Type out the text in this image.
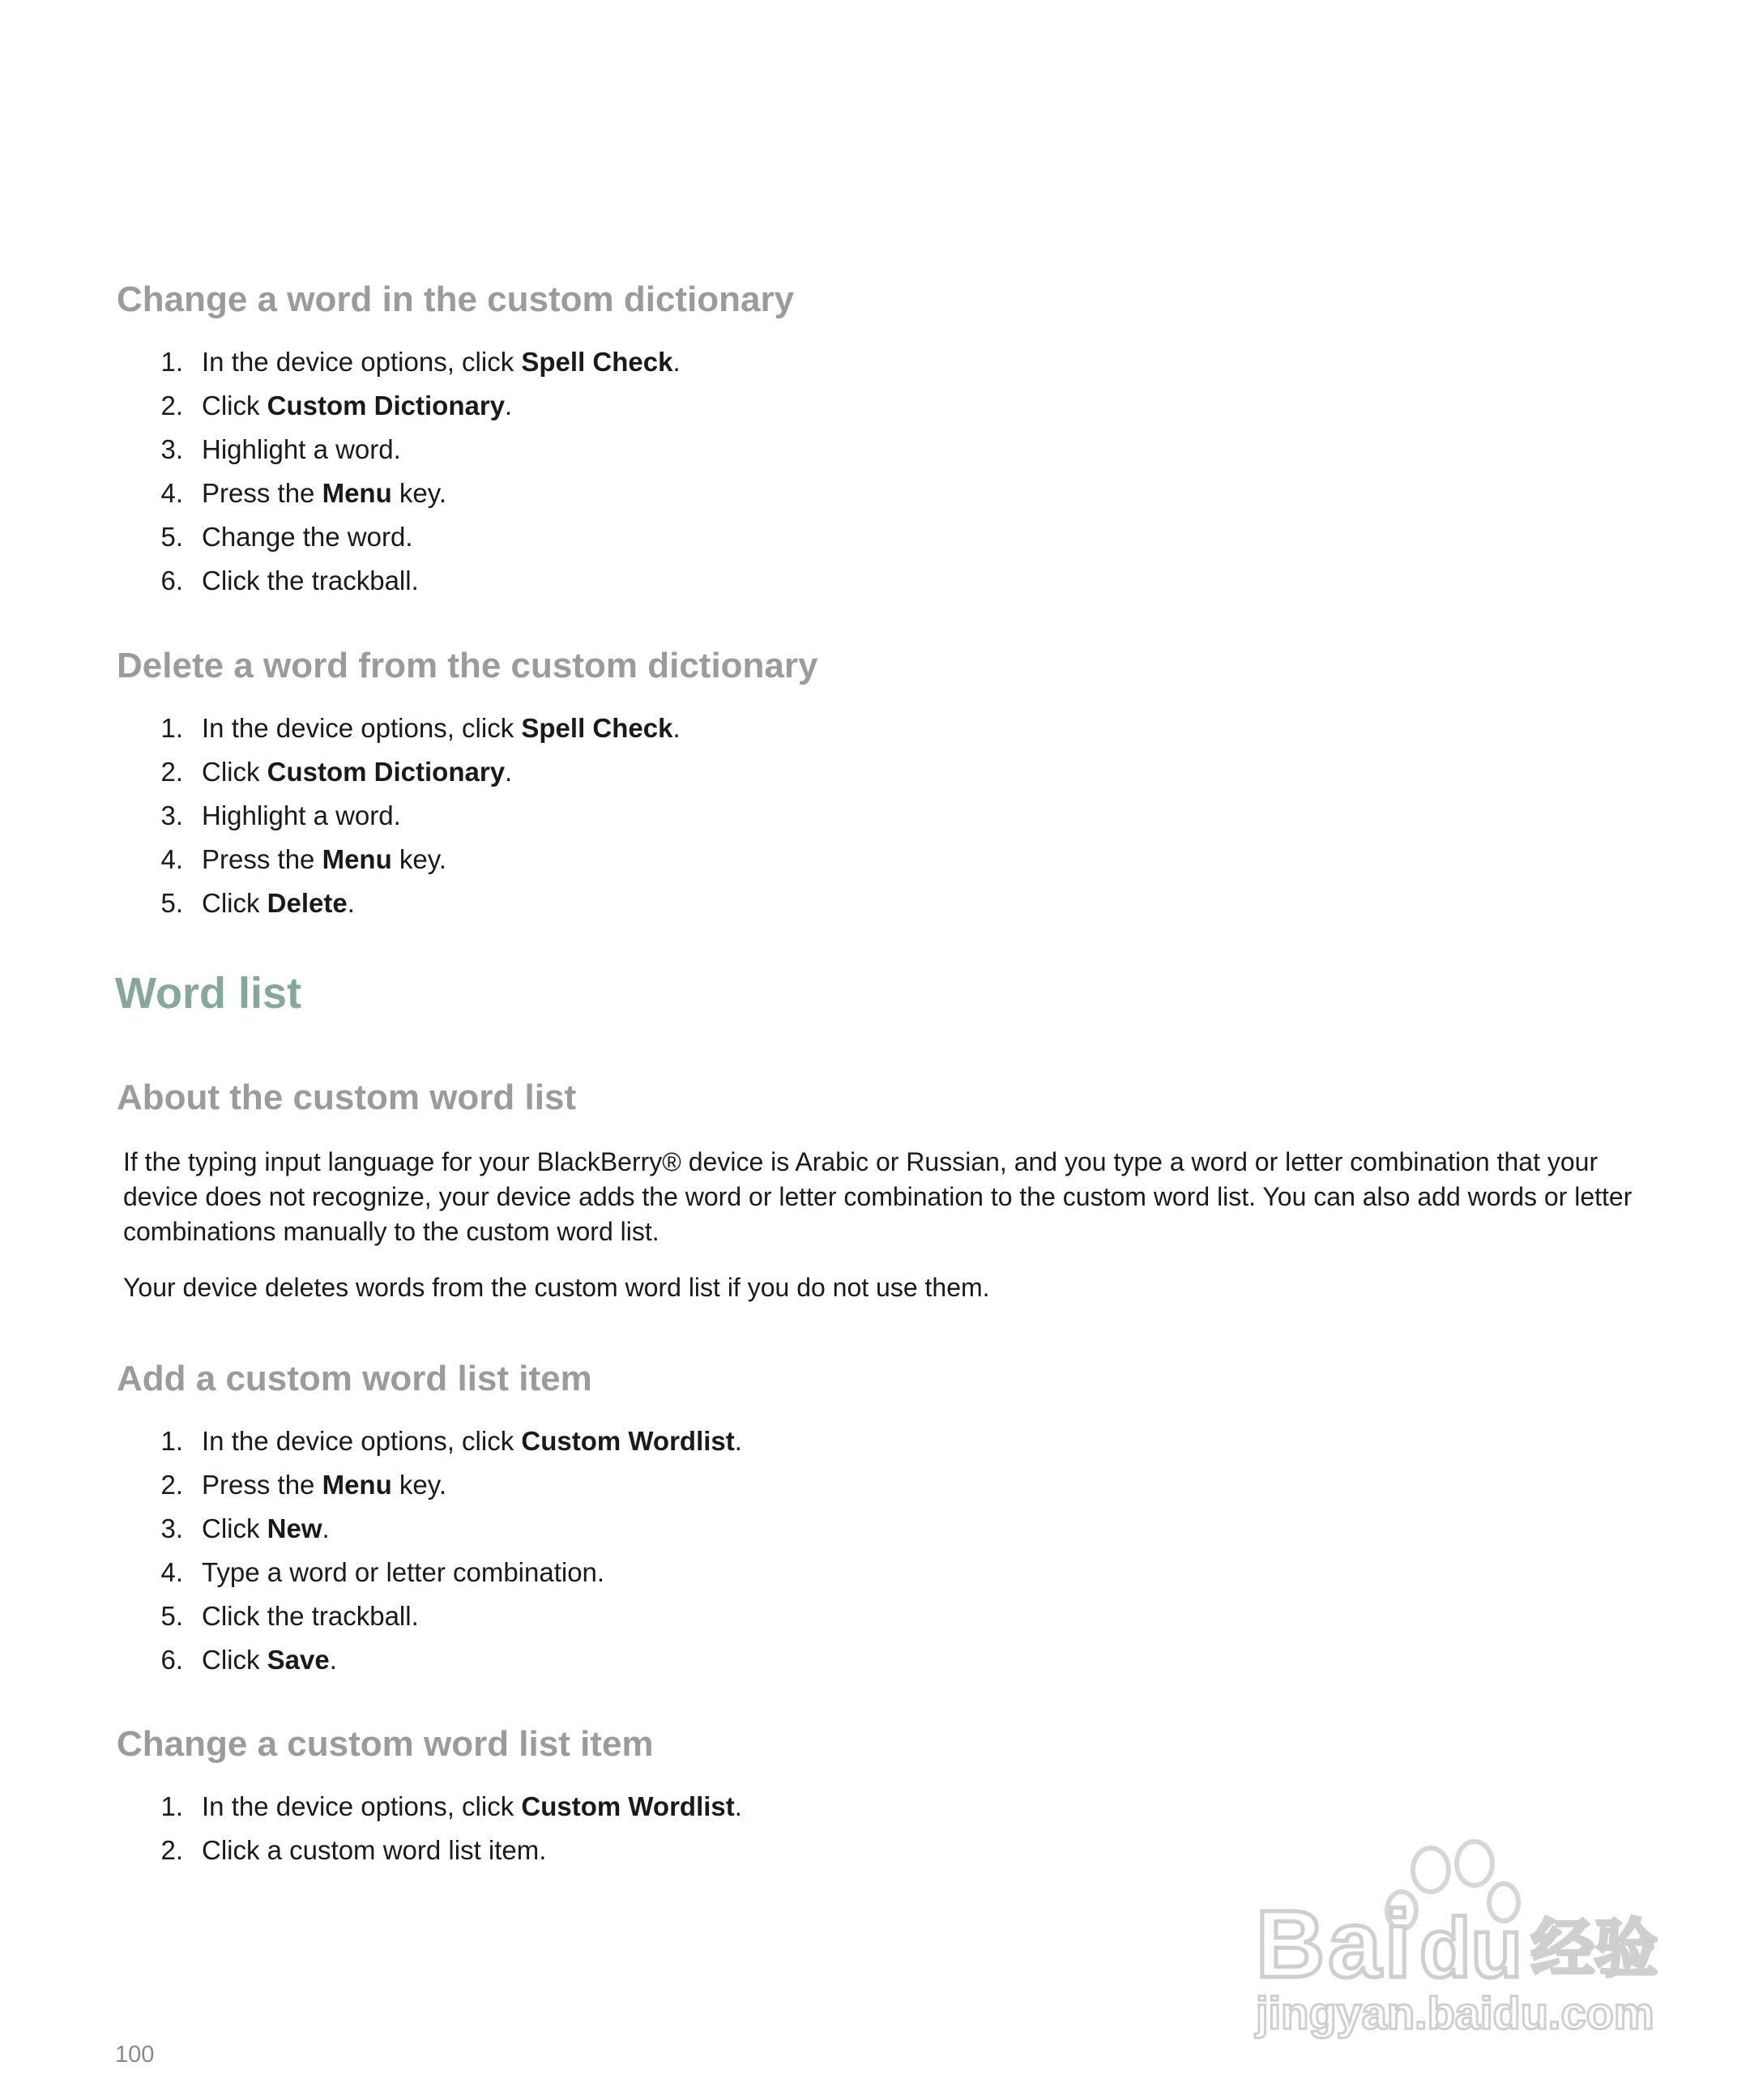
Change a word in the custom dictionary
1. In the device options, click Spell Check.
2. Click Custom Dictionary.
3. Highlight a word.
4. Press the Menu key.
5. Change the word.
6. Click the trackball.
Delete a word from the custom dictionary
1. In the device options, click Spell Check.
2. Click Custom Dictionary.
3. Highlight a word.
4. Press the Menu key.
5. Click Delete.
Word list
About the custom word list

If the typing input language for your BlackBerry® device is Arabic or Russian, and you type a word or letter combination that your device does not recognize, your device adds the word or letter combination to the custom word list. You can also add words or letter combinations manually to the custom word list.

Your device deletes words from the custom word list if you do not use them.

Add a custom word list item
1. In the device options, click Custom Wordlist.
2. Press the Menu key.
3. Click New.
4. Type a word or letter combination.
5. Click the trackball.
6. Click Save.
Change a custom word list item
1. In the device options, click Custom Wordlist.
2. Click a custom word list item.
Bai du 经验
jingyan.baidu.com
100
